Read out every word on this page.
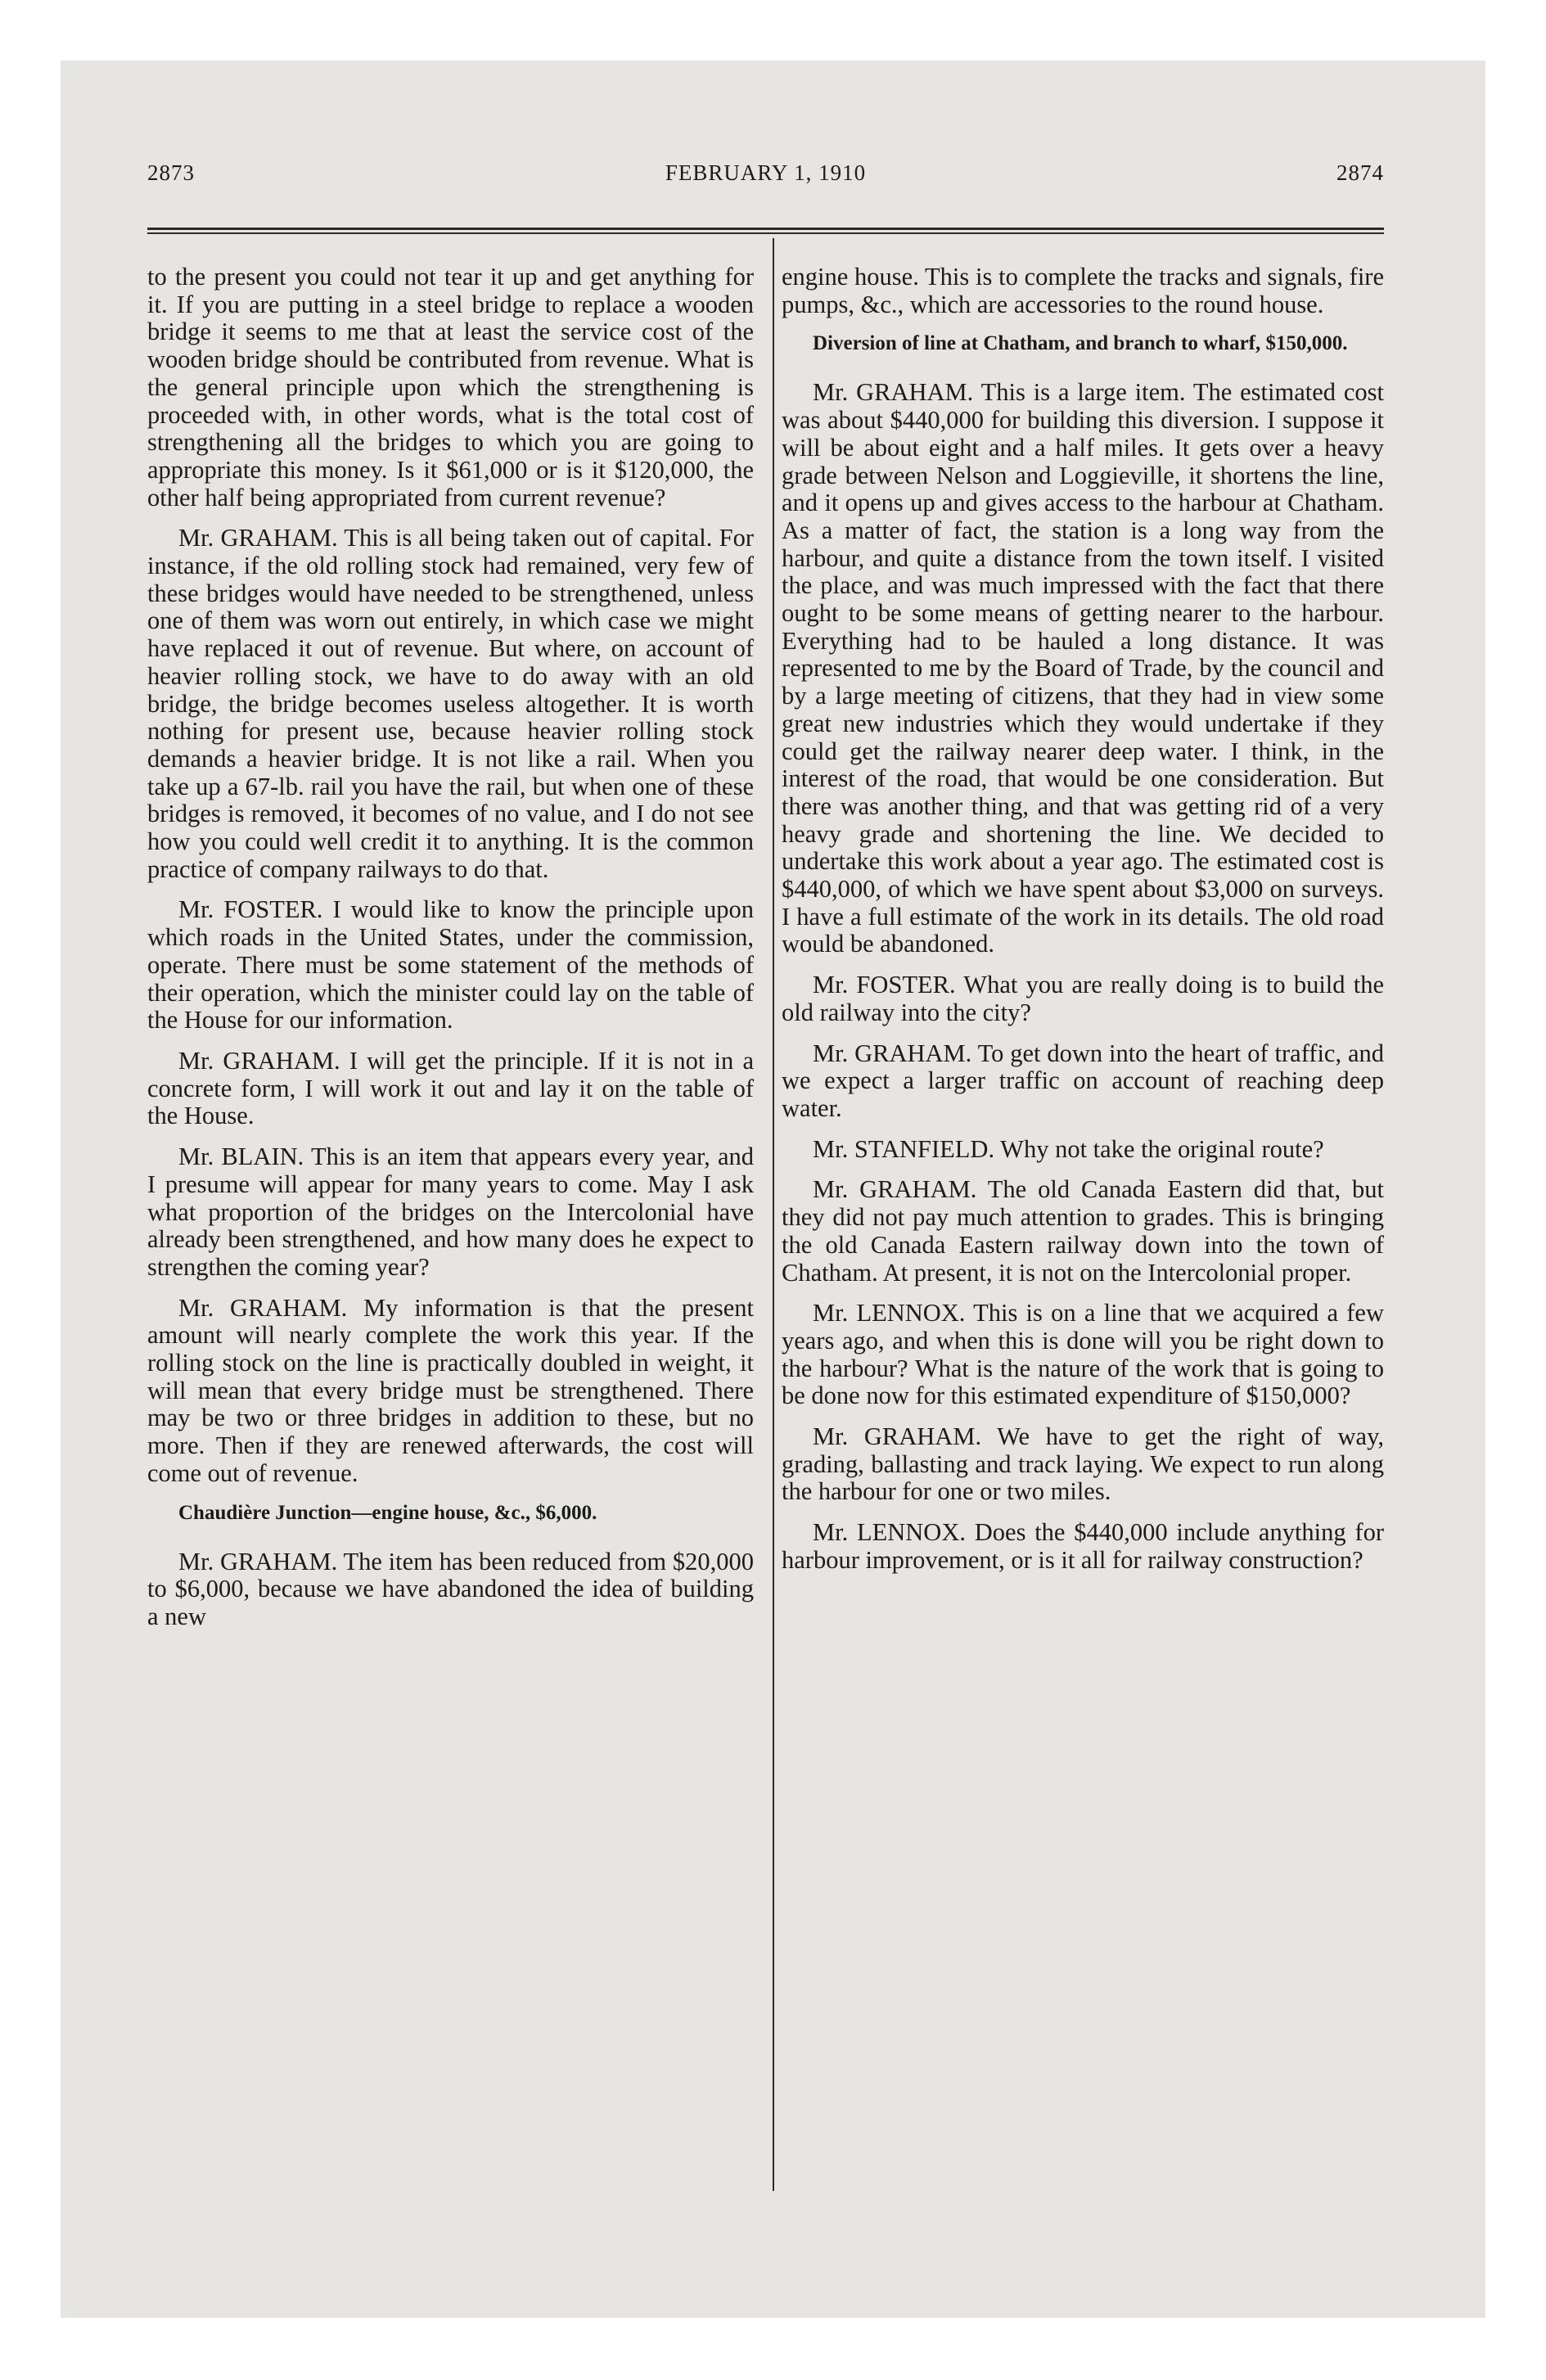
2873	FEBRUARY 1, 1910	2874

to the present you could not tear it up and get anything for it. If you are putting in a steel bridge to replace a wooden bridge it seems to me that at least the service cost of the wooden bridge should be contributed from revenue. What is the general principle upon which the strengthening is proceeded with, in other words, what is the total cost of strengthening all the bridges to which you are going to appropriate this money. Is it $61,000 or is it $120,000, the other half being appropriated from current revenue?

Mr. GRAHAM. This is all being taken out of capital. For instance, if the old rolling stock had remained, very few of these bridges would have needed to be strengthened, unless one of them was worn out entirely, in which case we might have replaced it out of revenue. But where, on account of heavier rolling stock, we have to do away with an old bridge, the bridge becomes useless altogether. It is worth nothing for present use, because heavier rolling stock demands a heavier bridge. It is not like a rail. When you take up a 67-lb. rail you have the rail, but when one of these bridges is removed, it becomes of no value, and I do not see how you could well credit it to anything. It is the common practice of company railways to do that.

Mr. FOSTER. I would like to know the principle upon which roads in the United States, under the commission, operate. There must be some statement of the methods of their operation, which the minister could lay on the table of the House for our information.

Mr. GRAHAM. I will get the principle. If it is not in a concrete form, I will work it out and lay it on the table of the House.

Mr. BLAIN. This is an item that appears every year, and I presume will appear for many years to come. May I ask what proportion of the bridges on the Intercolonial have already been strengthened, and how many does he expect to strengthen the coming year?

Mr. GRAHAM. My information is that the present amount will nearly complete the work this year. If the rolling stock on the line is practically doubled in weight, it will mean that every bridge must be strengthened. There may be two or three bridges in addition to these, but no more. Then if they are renewed afterwards, the cost will come out of revenue.

Chaudière Junction—engine house, &c., $6,000.

Mr. GRAHAM. The item has been reduced from $20,000 to $6,000, because we have abandoned the idea of building a new

engine house. This is to complete the tracks and signals, fire pumps, &c., which are accessories to the round house.

Diversion of line at Chatham, and branch to wharf, $150,000.

Mr. GRAHAM. This is a large item. The estimated cost was about $440,000 for building this diversion. I suppose it will be about eight and a half miles. It gets over a heavy grade between Nelson and Loggieville, it shortens the line, and it opens up and gives access to the harbour at Chatham. As a matter of fact, the station is a long way from the harbour, and quite a distance from the town itself. I visited the place, and was much impressed with the fact that there ought to be some means of getting nearer to the harbour. Everything had to be hauled a long distance. It was represented to me by the Board of Trade, by the council and by a large meeting of citizens, that they had in view some great new industries which they would undertake if they could get the railway nearer deep water. I think, in the interest of the road, that would be one consideration. But there was another thing, and that was getting rid of a very heavy grade and shortening the line. We decided to undertake this work about a year ago. The estimated cost is $440,000, of which we have spent about $3,000 on surveys. I have a full estimate of the work in its details. The old road would be abandoned.

Mr. FOSTER. What you are really doing is to build the old railway into the city?

Mr. GRAHAM. To get down into the heart of traffic, and we expect a larger traffic on account of reaching deep water.

Mr. STANFIELD. Why not take the original route?

Mr. GRAHAM. The old Canada Eastern did that, but they did not pay much attention to grades. This is bringing the old Canada Eastern railway down into the town of Chatham. At present, it is not on the Intercolonial proper.

Mr. LENNOX. This is on a line that we acquired a few years ago, and when this is done will you be right down to the harbour? What is the nature of the work that is going to be done now for this estimated expenditure of $150,000?

Mr. GRAHAM. We have to get the right of way, grading, ballasting and track laying. We expect to run along the harbour for one or two miles.

Mr. LENNOX. Does the $440,000 include anything for harbour improvement, or is it all for railway construction?
